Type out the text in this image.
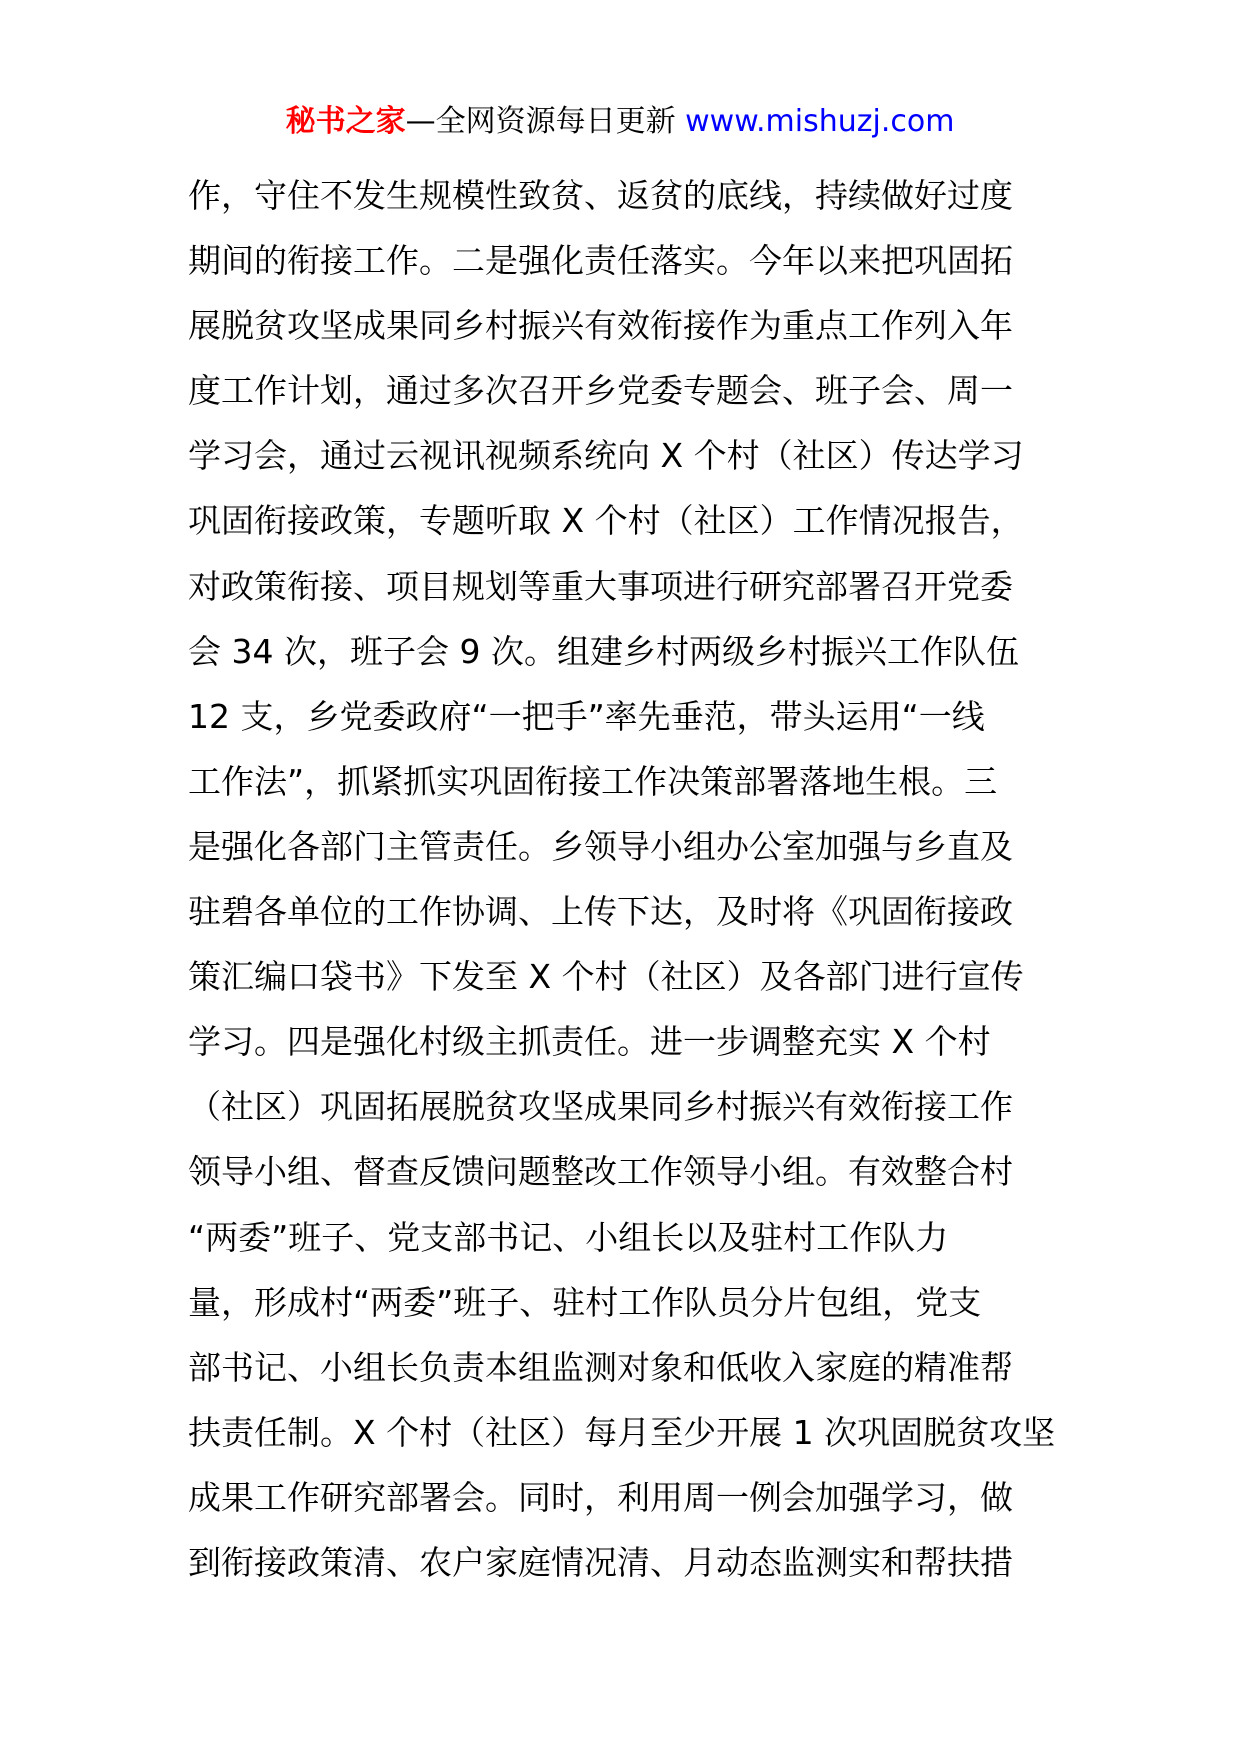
秘书之家—全网资源每日更新 www.mishuzj.com
作，守住不发生规模性致贫、返贫的底线，持续做好过度
期间的衔接工作。二是强化责任落实。今年以来把巩固拓
展脱贫攻坚成果同乡村振兴有效衔接作为重点工作列入年
度工作计划，通过多次召开乡党委专题会、班子会、周一
学习会，通过云视讯视频系统向 X 个村（社区）传达学习
巩固衔接政策，专题听取 X 个村（社区）工作情况报告，
对政策衔接、项目规划等重大事项进行研究部署召开党委
会 34 次，班子会 9 次。组建乡村两级乡村振兴工作队伍
12 支，乡党委政府“一把手”率先垂范，带头运用“一线
工作法”，抓紧抓实巩固衔接工作决策部署落地生根。三
是强化各部门主管责任。乡领导小组办公室加强与乡直及
驻碧各单位的工作协调、上传下达，及时将《巩固衔接政
策汇编口袋书》下发至 X 个村（社区）及各部门进行宣传
学习。四是强化村级主抓责任。进一步调整充实 X 个村
（社区）巩固拓展脱贫攻坚成果同乡村振兴有效衔接工作
领导小组、督查反馈问题整改工作领导小组。有效整合村
“两委”班子、党支部书记、小组长以及驻村工作队力
量，形成村“两委”班子、驻村工作队员分片包组，党支
部书记、小组长负责本组监测对象和低收入家庭的精准帮
扶责任制。X 个村（社区）每月至少开展 1 次巩固脱贫攻坚
成果工作研究部署会。同时，利用周一例会加强学习，做
到衔接政策清、农户家庭情况清、月动态监测实和帮扶措
